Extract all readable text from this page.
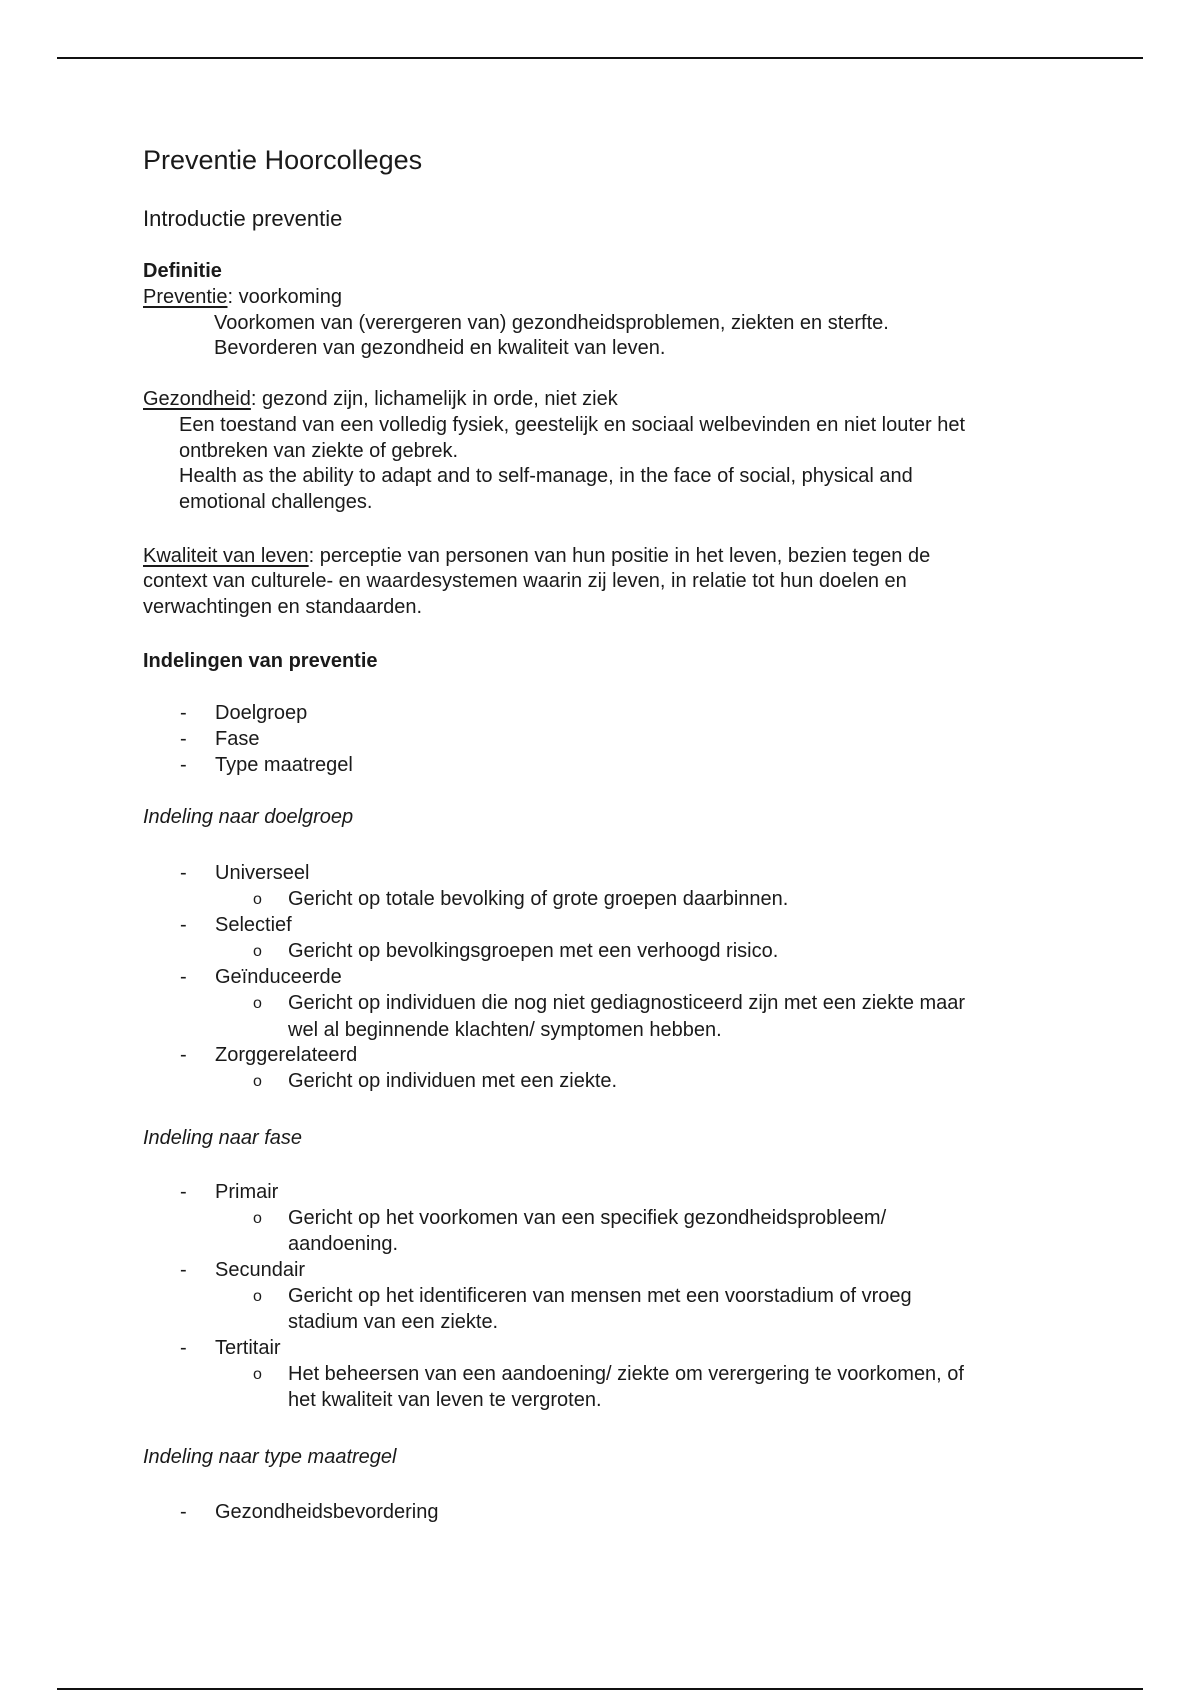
Preventie Hoorcolleges
Introductie preventie
Definitie
Preventie: voorkoming
Voorkomen van (verergeren van) gezondheidsproblemen, ziekten en sterfte.
Bevorderen van gezondheid en kwaliteit van leven.
Gezondheid: gezond zijn, lichamelijk in orde, niet ziek
Een toestand van een volledig fysiek, geestelijk en sociaal welbevinden en niet louter het
ontbreken van ziekte of gebrek.
Health as the ability to adapt and to self-manage, in the face of social, physical and
emotional challenges.
Kwaliteit van leven: perceptie van personen van hun positie in het leven, bezien tegen de
context van culturele- en waardesystemen waarin zij leven, in relatie tot hun doelen en
verwachtingen en standaarden.
Indelingen van preventie
- Doelgroep
- Fase
- Type maatregel
Indeling naar doelgroep
- Universeel
o Gericht op totale bevolking of grote groepen daarbinnen.
- Selectief
o Gericht op bevolkingsgroepen met een verhoogd risico.
- Geïnduceerde
o Gericht op individuen die nog niet gediagnosticeerd zijn met een ziekte maar
wel al beginnende klachten/ symptomen hebben.
- Zorggerelateerd
o Gericht op individuen met een ziekte.
Indeling naar fase
- Primair
o Gericht op het voorkomen van een specifiek gezondheidsprobleem/
aandoening.
- Secundair
o Gericht op het identificeren van mensen met een voorstadium of vroeg
stadium van een ziekte.
- Tertitair
o Het beheersen van een aandoening/ ziekte om verergering te voorkomen, of
het kwaliteit van leven te vergroten.
Indeling naar type maatregel
- Gezondheidsbevordering
